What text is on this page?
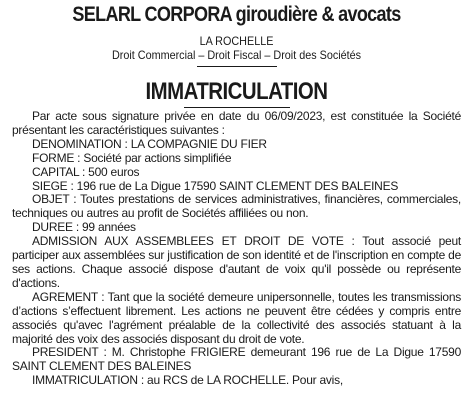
SELARL CORPORA giroudière & avocats
LA ROCHELLE
Droit Commercial – Droit Fiscal – Droit des Sociétés
IMMATRICULATION

Par acte sous signature privée en date du 06/09/2023, est constituée la Société présentant les caractéristiques suivantes :

DENOMINATION : LA COMPAGNIE DU FIER

FORME : Société par actions simplifiée

CAPITAL : 500 euros

SIEGE : 196 rue de La Digue 17590 SAINT CLEMENT DES BALEINES

OBJET : Toutes prestations de services administratives, financières, commerciales, techniques ou autres au profit de Sociétés affiliées ou non.

DUREE : 99 années

ADMISSION AUX ASSEMBLEES ET DROIT DE VOTE : Tout associé peut participer aux assemblées sur justification de son identité et de l'inscription en compte de ses actions. Chaque associé dispose d'autant de voix qu'il possède ou représente d'actions.

AGREMENT : Tant que la société demeure unipersonnelle, toutes les transmissions d’actions s’effectuent librement. Les actions ne peuvent être cédées y compris entre associés qu'avec l'agrément préalable de la collectivité des associés statuant à la majorité des voix des associés disposant du droit de vote.

PRESIDENT : M. Christophe FRIGIERE demeurant 196 rue de La Digue 17590 SAINT CLEMENT DES BALEINES

IMMATRICULATION : au RCS de LA ROCHELLE. Pour avis,
